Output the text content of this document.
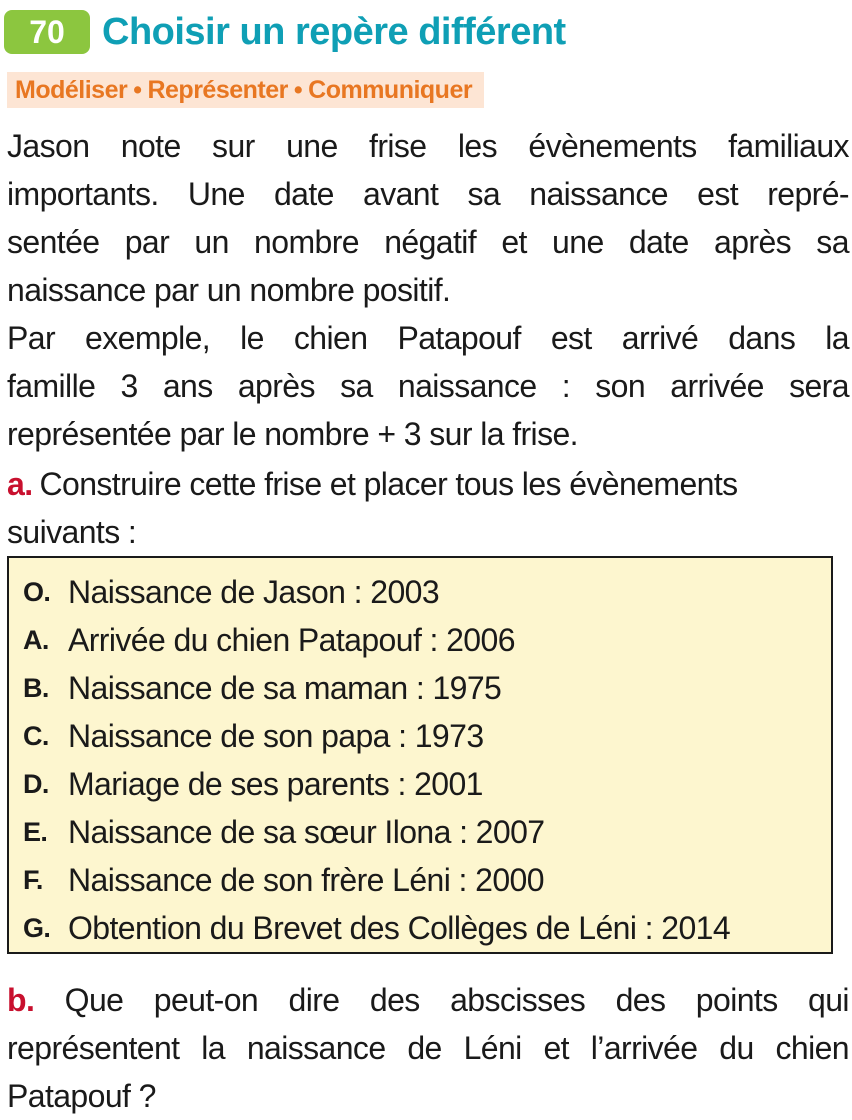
70 Choisir un repère différent
Modéliser • Représenter • Communiquer
Jason note sur une frise les évènements familiaux
importants. Une date avant sa naissance est repré-
sentée par un nombre négatif et une date après sa
naissance par un nombre positif.
Par exemple, le chien Patapouf est arrivé dans la
famille 3 ans après sa naissance : son arrivée sera
représentée par le nombre + 3 sur la frise.
a. Construire cette frise et placer tous les évènements
suivants :
O. Naissance de Jason : 2003
A. Arrivée du chien Patapouf : 2006
B. Naissance de sa maman : 1975
C. Naissance de son papa : 1973
D. Mariage de ses parents : 2001
E. Naissance de sa sœur Ilona : 2007
F. Naissance de son frère Léni : 2000
G. Obtention du Brevet des Collèges de Léni : 2014
b. Que peut-on dire des abscisses des points qui
représentent la naissance de Léni et l’arrivée du chien
Patapouf ?
